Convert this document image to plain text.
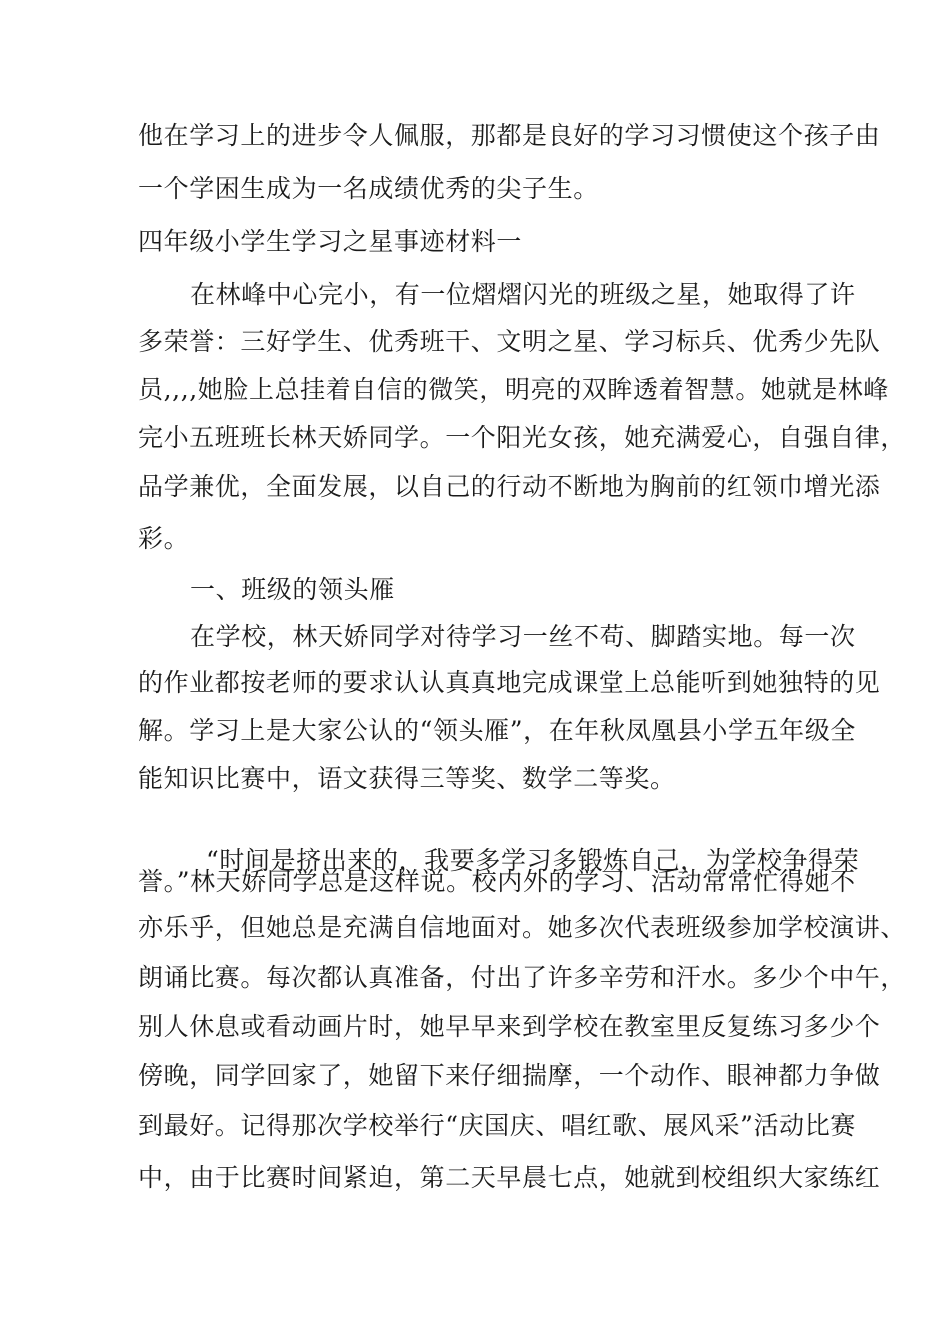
他在学习上的进步令人佩服，那都是良好的学习习惯使这个孩子由
一个学困生成为一名成绩优秀的尖子生。
四年级小学生学习之星事迹材料一
在林峰中心完小，有一位熠熠闪光的班级之星，她取得了许
多荣誉：三好学生、优秀班干、文明之星、学习标兵、优秀少先队
员,,,,她脸上总挂着自信的微笑，明亮的双眸透着智慧。她就是林峰
完小五班班长林天娇同学。一个阳光女孩，她充满爱心，自强自律，
品学兼优，全面发展，以自己的行动不断地为胸前的红领巾增光添
彩。
一、班级的领头雁
在学校，林天娇同学对待学习一丝不苟、脚踏实地。每一次
的作业都按老师的要求认认真真地完成课堂上总能听到她独特的见
解。学习上是大家公认的“领头雁”，在年秋凤凰县小学五年级全
能知识比赛中，语文获得三等奖、数学二等奖。
“时间是挤出来的，我要多学习多锻炼自己，为学校争得荣
誉。”林天娇同学总是这样说。校内外的学习、活动常常忙得她不
亦乐乎，但她总是充满自信地面对。她多次代表班级参加学校演讲、
朗诵比赛。每次都认真准备，付出了许多辛劳和汗水。多少个中午，
别人休息或看动画片时，她早早来到学校在教室里反复练习多少个
傍晚，同学回家了，她留下来仔细揣摩，一个动作、眼神都力争做
到最好。记得那次学校举行“庆国庆、唱红歌、展风采”活动比赛
中，由于比赛时间紧迫，第二天早晨七点，她就到校组织大家练红
